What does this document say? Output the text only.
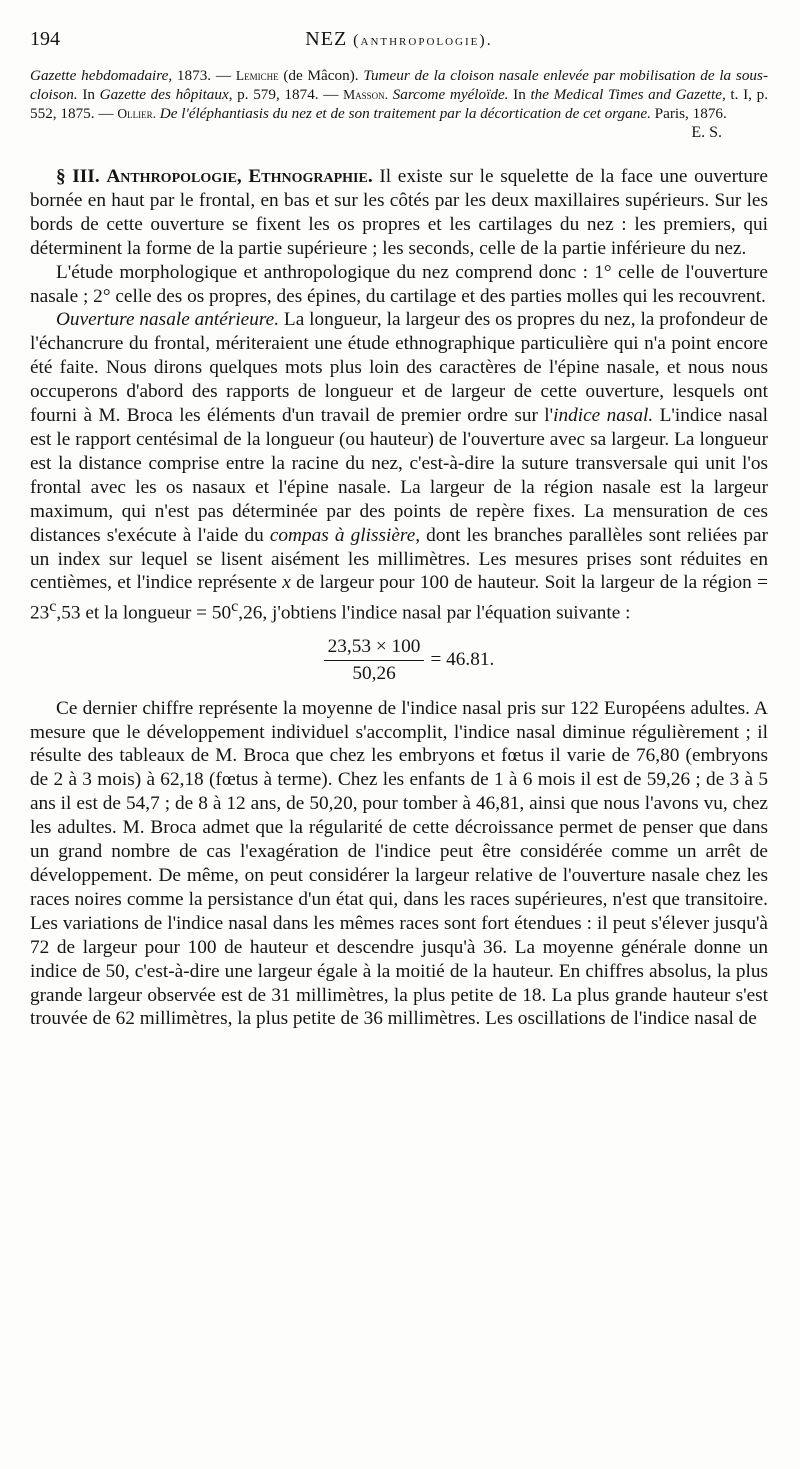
194	NEZ (anthropologie).
Gazette hebdomadaire, 1873. — Lemiche (de Mâcon). Tumeur de la cloison nasale enlevée par mobilisation de la sous-cloison. In Gazette des hôpitaux, p. 579, 1874. — Masson. Sarcome myéloïde. In the Medical Times and Gazette, t. I, p. 552, 1875. — Ollier. De l'éléphantiasis du nez et de son traitement par la décortication de cet organe. Paris, 1876.
E. S.

§ III. Anthropologie, Ethnographie. Il existe sur le squelette de la face une ouverture bornée en haut par le frontal, en bas et sur les côtés par les deux maxillaires supérieurs. Sur les bords de cette ouverture se fixent les os propres et les cartilages du nez : les premiers, qui déterminent la forme de la partie supérieure ; les seconds, celle de la partie inférieure du nez.

L'étude morphologique et anthropologique du nez comprend donc : 1° celle de l'ouverture nasale ; 2° celle des os propres, des épines, du cartilage et des parties molles qui les recouvrent.

Ouverture nasale antérieure. La longueur, la largeur des os propres du nez, la profondeur de l'échancrure du frontal, mériteraient une étude ethnographique particulière qui n'a point encore été faite. Nous dirons quelques mots plus loin des caractères de l'épine nasale, et nous nous occuperons d'abord des rapports de longueur et de largeur de cette ouverture, lesquels ont fourni à M. Broca les éléments d'un travail de premier ordre sur l'indice nasal. L'indice nasal est le rapport centésimal de la longueur (ou hauteur) de l'ouverture avec sa largeur. La longueur est la distance comprise entre la racine du nez, c'est-à-dire la suture transversale qui unit l'os frontal avec les os nasaux et l'épine nasale. La largeur de la région nasale est la largeur maximum, qui n'est pas déterminée par des points de repère fixes. La mensuration de ces distances s'exécute à l'aide du compas à glissière, dont les branches parallèles sont reliées par un index sur lequel se lisent aisément les millimètres. Les mesures prises sont réduites en centièmes, et l'indice représente x de largeur pour 100 de hauteur. Soit la largeur de la région = $23^c,53$ et la longueur = $50^c,26$, j'obtiens l'indice nasal par l'équation suivante :

$\frac{23,53 \times 100}{50,26} = 46.81$.

Ce dernier chiffre représente la moyenne de l'indice nasal pris sur 122 Européens adultes. A mesure que le développement individuel s'accomplit, l'indice nasal diminue régulièrement ; il résulte des tableaux de M. Broca que chez les embryons et fœtus il varie de 76,80 (embryons de 2 à 3 mois) à 62,18 (fœtus à terme). Chez les enfants de 1 à 6 mois il est de 59,26 ; de 3 à 5 ans il est de 54,7 ; de 8 à 12 ans, de 50,20, pour tomber à 46,81, ainsi que nous l'avons vu, chez les adultes. M. Broca admet que la régularité de cette décroissance permet de penser que dans un grand nombre de cas l'exagération de l'indice peut être considérée comme un arrêt de développement. De même, on peut considérer la largeur relative de l'ouverture nasale chez les races noires comme la persistance d'un état qui, dans les races supérieures, n'est que transitoire. Les variations de l'indice nasal dans les mêmes races sont fort étendues : il peut s'élever jusqu'à 72 de largeur pour 100 de hauteur et descendre jusqu'à 36. La moyenne générale donne un indice de 50, c'est-à-dire une largeur égale à la moitié de la hauteur. En chiffres absolus, la plus grande largeur observée est de 31 millimètres, la plus petite de 18. La plus grande hauteur s'est trouvée de 62 millimètres, la plus petite de 36 millimètres. Les oscillations de l'indice nasal de
